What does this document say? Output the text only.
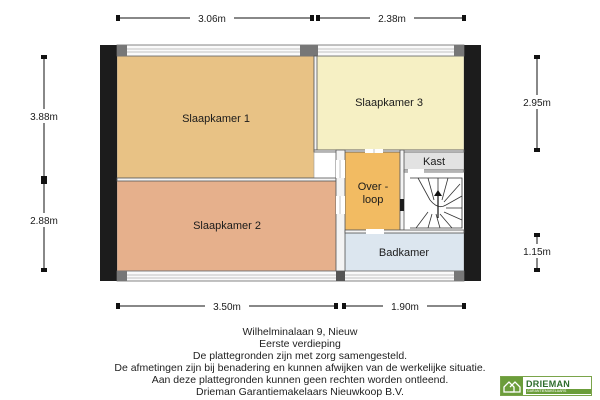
Slaapkamer 1
Slaapkamer 2
Slaapkamer 3
Kast
Over -
loop
Badkamer
3.06m	2.38m
3.50m	1.90m
3.88m
2.88m
2.95m
1.15m
Wilhelminalaan 9, Nieuw
Eerste verdieping
De plattegronden zijn met zorg samengesteld.
De afmetingen zijn bij benadering en kunnen afwijken van de werkelijke situatie.
Aan deze plattegronden kunnen geen rechten worden ontleend.
Drieman Garantiemakelaars Nieuwkoop B.V.
DRIEMAN
GARANTIEMAKELAARS
